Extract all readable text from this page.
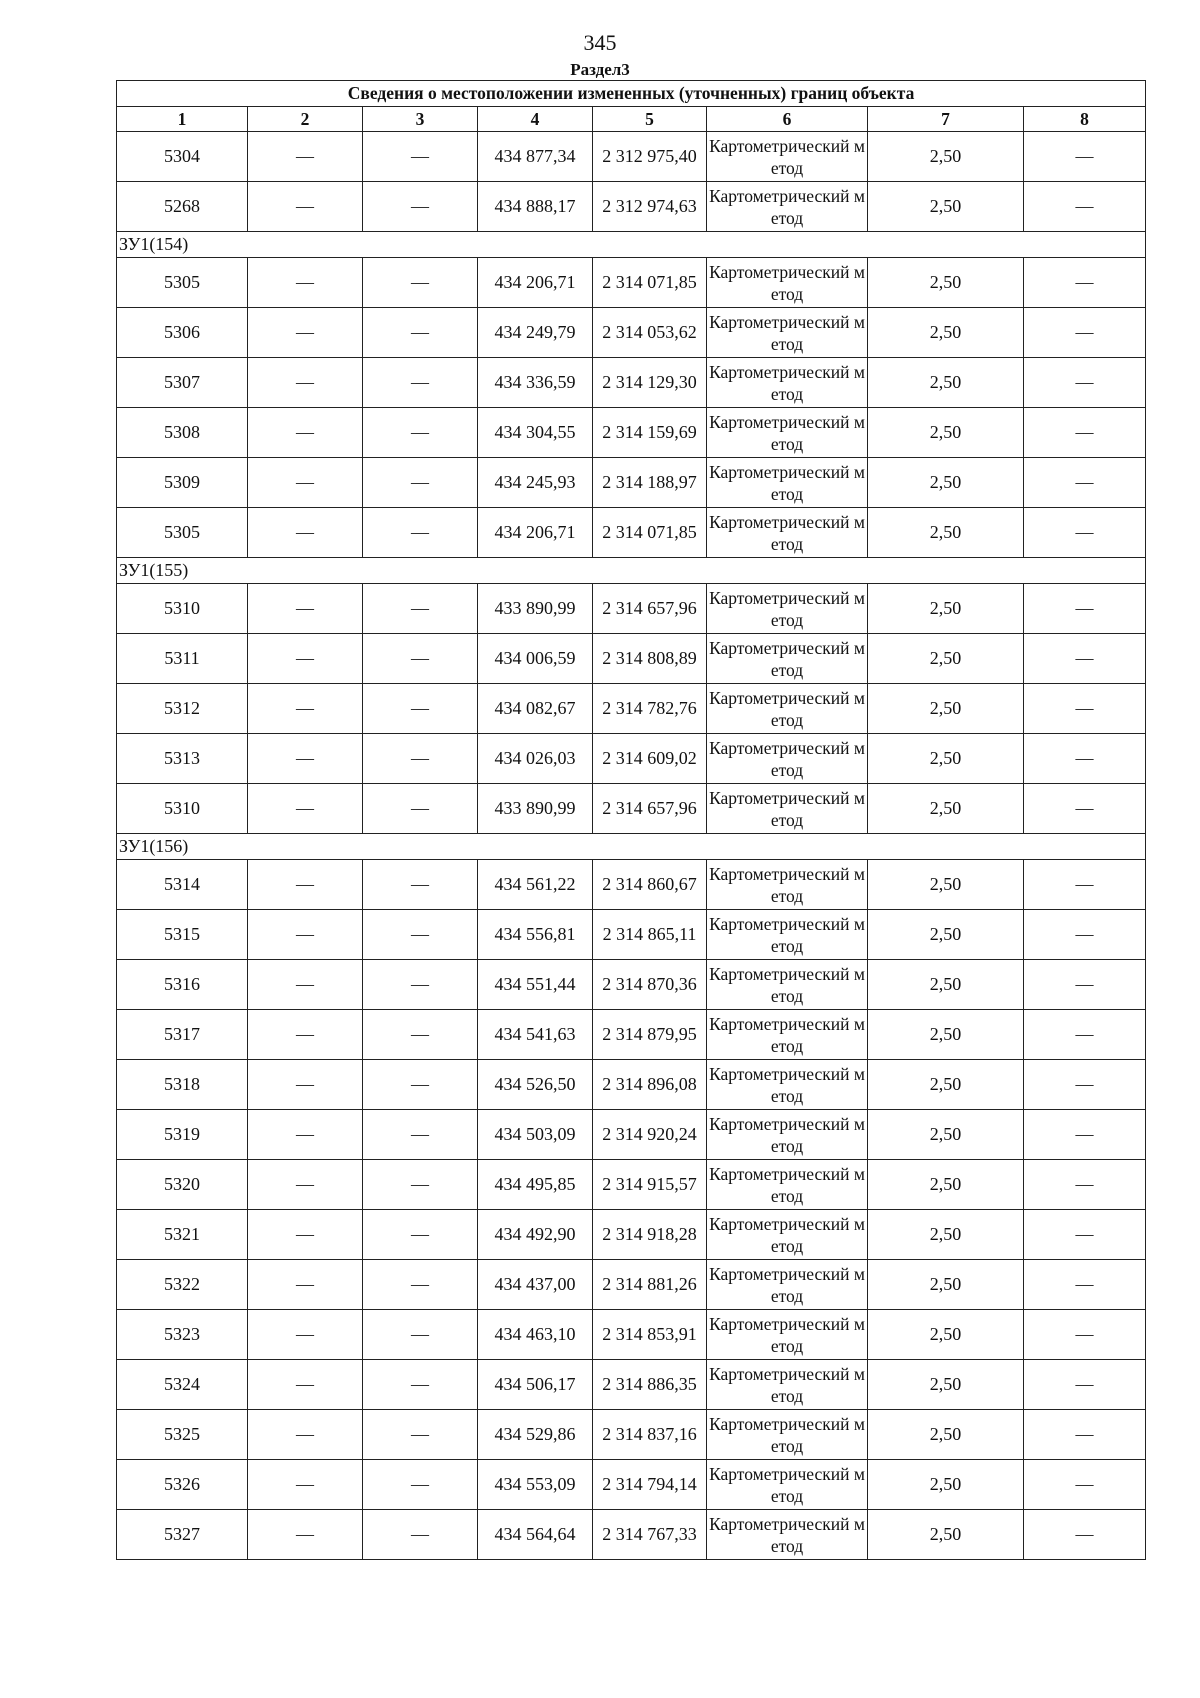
345
Раздел3
Сведения о местоположении измененных (уточненных) границ объекта							
1	2	3	4	5	6	7	8
5304	—	—	434 877,34	2 312 975,40	Картометрический метод	2,50	—
5268	—	—	434 888,17	2 312 974,63	Картометрический метод	2,50	—
ЗУ1(154)							
5305	—	—	434 206,71	2 314 071,85	Картометрический метод	2,50	—
5306	—	—	434 249,79	2 314 053,62	Картометрический метод	2,50	—
5307	—	—	434 336,59	2 314 129,30	Картометрический метод	2,50	—
5308	—	—	434 304,55	2 314 159,69	Картометрический метод	2,50	—
5309	—	—	434 245,93	2 314 188,97	Картометрический метод	2,50	—
5305	—	—	434 206,71	2 314 071,85	Картометрический метод	2,50	—
ЗУ1(155)							
5310	—	—	433 890,99	2 314 657,96	Картометрический метод	2,50	—
5311	—	—	434 006,59	2 314 808,89	Картометрический метод	2,50	—
5312	—	—	434 082,67	2 314 782,76	Картометрический метод	2,50	—
5313	—	—	434 026,03	2 314 609,02	Картометрический метод	2,50	—
5310	—	—	433 890,99	2 314 657,96	Картометрический метод	2,50	—
ЗУ1(156)							
5314	—	—	434 561,22	2 314 860,67	Картометрический метод	2,50	—
5315	—	—	434 556,81	2 314 865,11	Картометрический метод	2,50	—
5316	—	—	434 551,44	2 314 870,36	Картометрический метод	2,50	—
5317	—	—	434 541,63	2 314 879,95	Картометрический метод	2,50	—
5318	—	—	434 526,50	2 314 896,08	Картометрический метод	2,50	—
5319	—	—	434 503,09	2 314 920,24	Картометрический метод	2,50	—
5320	—	—	434 495,85	2 314 915,57	Картометрический метод	2,50	—
5321	—	—	434 492,90	2 314 918,28	Картометрический метод	2,50	—
5322	—	—	434 437,00	2 314 881,26	Картометрический метод	2,50	—
5323	—	—	434 463,10	2 314 853,91	Картометрический метод	2,50	—
5324	—	—	434 506,17	2 314 886,35	Картометрический метод	2,50	—
5325	—	—	434 529,86	2 314 837,16	Картометрический метод	2,50	—
5326	—	—	434 553,09	2 314 794,14	Картометрический метод	2,50	—
5327	—	—	434 564,64	2 314 767,33	Картометрический метод	2,50	—
